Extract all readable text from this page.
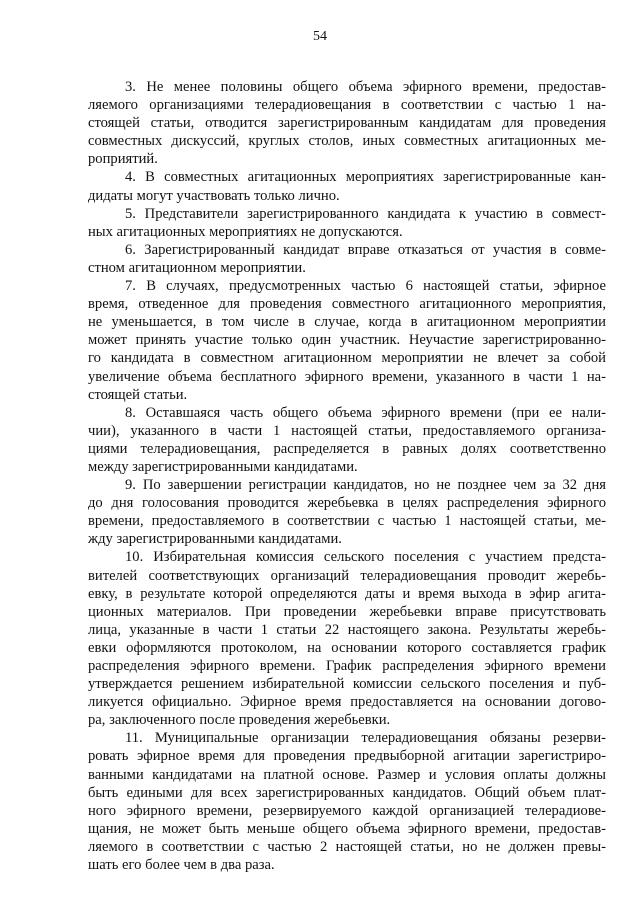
54

3. Не менее половины общего объема эфирного времени, предостав-
ляемого организациями телерадиовещания в соответствии с частью 1 на-
стоящей статьи, отводится зарегистрированным кандидатам для проведения
совместных дискуссий, круглых столов, иных совместных агитационных ме-
роприятий.

4. В совместных агитационных мероприятиях зарегистрированные кан-
дидаты могут участвовать только лично.

5. Представители зарегистрированного кандидата к участию в совмест-
ных агитационных мероприятиях не допускаются.

6. Зарегистрированный кандидат вправе отказаться от участия в совме-
стном агитационном мероприятии.

7. В случаях, предусмотренных частью 6 настоящей статьи, эфирное
время, отведенное для проведения совместного агитационного мероприятия,
не уменьшается, в том числе в случае, когда в агитационном мероприятии
может принять участие только один участник. Неучастие зарегистрированно-
го кандидата в совместном агитационном мероприятии не влечет за собой
увеличение объема бесплатного эфирного времени, указанного в части 1 на-
стоящей статьи.

8. Оставшаяся часть общего объема эфирного времени (при ее нали-
чии), указанного в части 1 настоящей статьи, предоставляемого организа-
циями телерадиовещания, распределяется в равных долях соответственно
между зарегистрированными кандидатами.

9. По завершении регистрации кандидатов, но не позднее чем за 32 дня
до дня голосования проводится жеребьевка в целях распределения эфирного
времени, предоставляемого в соответствии с частью 1 настоящей статьи, ме-
жду зарегистрированными кандидатами.

10. Избирательная комиссия сельского поселения с участием предста-
вителей соответствующих организаций телерадиовещания проводит жеребь-
евку, в результате которой определяются даты и время выхода в эфир агита-
ционных материалов. При проведении жеребьевки вправе присутствовать
лица, указанные в части 1 статьи 22 настоящего закона. Результаты жеребь-
евки оформляются протоколом, на основании которого составляется график
распределения эфирного времени. График распределения эфирного времени
утверждается решением избирательной комиссии сельского поселения и пуб-
ликуется официально. Эфирное время предоставляется на основании догово-
ра, заключенного после проведения жеребьевки.

11. Муниципальные организации телерадиовещания обязаны резерви-
ровать эфирное время для проведения предвыборной агитации зарегистриро-
ванными кандидатами на платной основе. Размер и условия оплаты должны
быть едиными для всех зарегистрированных кандидатов. Общий объем плат-
ного эфирного времени, резервируемого каждой организацией телерадиове-
щания, не может быть меньше общего объема эфирного времени, предостав-
ляемого в соответствии с частью 2 настоящей статьи, но не должен превы-
шать его более чем в два раза.
